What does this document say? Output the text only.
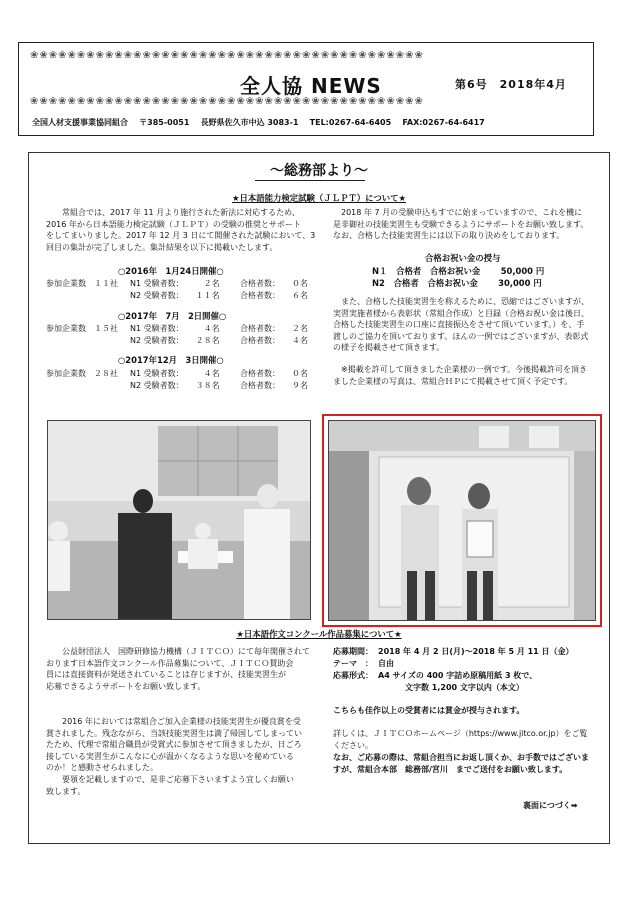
❀❀❀❀❀❀❀❀❀❀❀❀❀❀❀❀❀❀❀❀❀❀❀❀❀❀❀❀❀❀❀❀❀❀❀❀❀❀❀❀❀❀
❀❀❀❀❀❀❀❀❀❀❀❀❀❀❀❀❀❀❀❀❀❀❀❀❀❀❀❀❀❀❀❀❀❀❀❀❀❀❀❀❀❀
全人協 NEWS	第6号　2018年4月
全国人材支援事業協同組合 〒385-0051 長野県佐久市中込 3083-1 TEL:0267-64-6405 FAX:0267-64-6417
～総務部より～
★日本語能力検定試験（ＪＬＰＴ）について★
　　常組合では、2017 年 11 月より施行された新法に対応するため、
2016 年から日本語能力検定試験（ＪＬＰＴ）の受験の推奨とサポート
をしてまいりました。2017 年 12 月 3 日にて開催された試験において、3 回目の集計が完了しました。集計結果を以下に掲載いたします。
○2016年　1月24日開催○
参加企業数　１１社 N1 受験者数：　　　２名	合格者数：　　０名
N2 受験者数：　　１１名	合格者数：　　６名
○2017年　7月　2日開催○
参加企業数　１５社 N1 受験者数：　　　４名	合格者数：　　２名
N2 受験者数：　　２８名	合格者数：　　４名
○2017年12月　3日開催○
参加企業数　２８社 N1 受験者数：　　　４名	合格者数：　　０名
N2 受験者数：　　３８名	合格者数：　　９名
　2018 年 7 月の受験申込もすでに始まっていますので、これを機に
是非御社の技能実習生も受験できるようにサポートをお願い致します。
なお、合格した技能実習生には以下の取り決めをしております。
合格お祝い金の授与
N１ 合格者 合格お祝い金 50,000 円
N2 合格者 合格お祝い金 30,000 円
　また、合格した技能実習生を称えるために、恐縮ではございますが、
実習実施者様から表彰状（常組合作成）と目録（合格お祝い金は後日、
合格した技能実習生の口座に直接振込をさせて頂いています。）を、手
渡しのご協力を頂いております。ほんの一例ではございますが、表彰式
の様子を掲載させて頂きます。
　※掲載を許可して頂きました企業様の一例です。今後掲載許可を頂き
ました企業様の写真は、常組合ＨＰにて掲載させて頂く予定です。
★日本語作文コンクール作品募集について★
　　公益財団法人　国際研修協力機構（ＪＩＴＣＯ）にて毎年開催されて
おります日本語作文コンクール作品募集について、ＪＩＴＣＯ賛助会
員には直接資料が発送されていることは存じますが、技能実習生が
応募できるようサポートをお願い致します。
　　2016 年においては常組合ご加入企業様の技能実習生が優良賞を受
賞されました。残念ながら、当該技能実習生は満了帰国してしまってい
たため、代理で常組合職員が受賞式に参加させて頂きましたが、日ごろ
接している実習生がこんなに心が温かくなるような思いを秘めている
のか！と感動させられました。
　　要領を記載しますので、是非ご応募下さいますよう宜しくお願い
致します。
応募期間： 2018 年 4 月 2 日(月)～2018 年 5 月 11 日（金）
テーマ　： 自由
応募形式： A4 サイズの 400 字詰め原稿用紙 3 枚で、
文字数 1,200 文字以内（本文）
こちらも佳作以上の受賞者には賞金が授与されます。
詳しくは、ＪＩＴＣＯホームページ（https://www.jitco.or.jp）をご覧
ください。
なお、ご応募の際は、常組合担当にお返し頂くか、お手数ではございま
すが、常組合本部　総務部/宮川　までご送付をお願い致します。
裏面につづく➡
